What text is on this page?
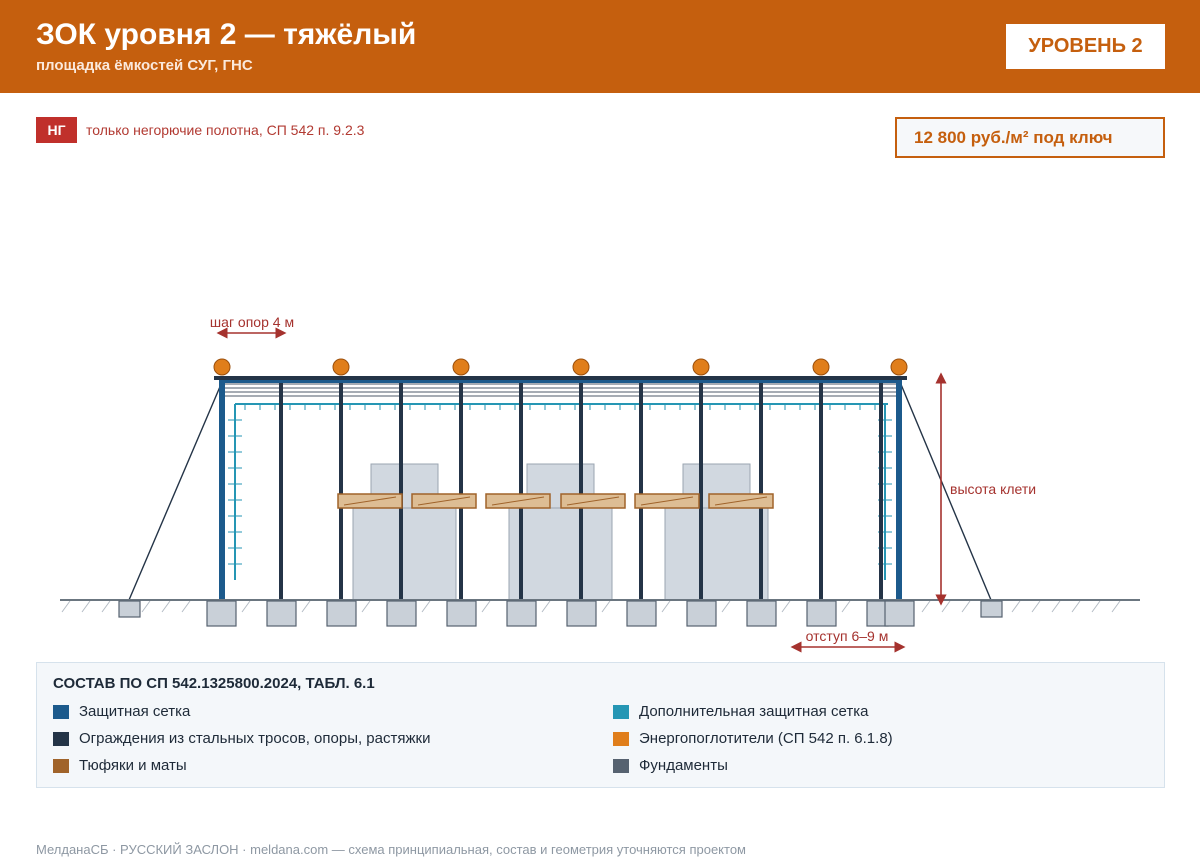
ЗОК уровня 2 — тяжёлый
площадка ёмкостей СУГ, ГНС
УРОВЕНЬ 2
НГ	только негорючие полотна, СП 542 п. 9.2.3	12 800 руб./м² под ключ
шаг опор 4 м
высота клети
отступ 6–9 м
СОСТАВ ПО СП 542.1325800.2024, ТАБЛ. 6.1
Защитная сетка	Дополнительная защитная сетка
Ограждения из стальных тросов, опоры, растяжки	Энергопоглотители (СП 542 п. 6.1.8)
Тюфяки и маты	Фундаменты
МелданаСБ · РУССКИЙ ЗАСЛОН · meldana.com — схема принципиальная, состав и геометрия уточняются проектом
